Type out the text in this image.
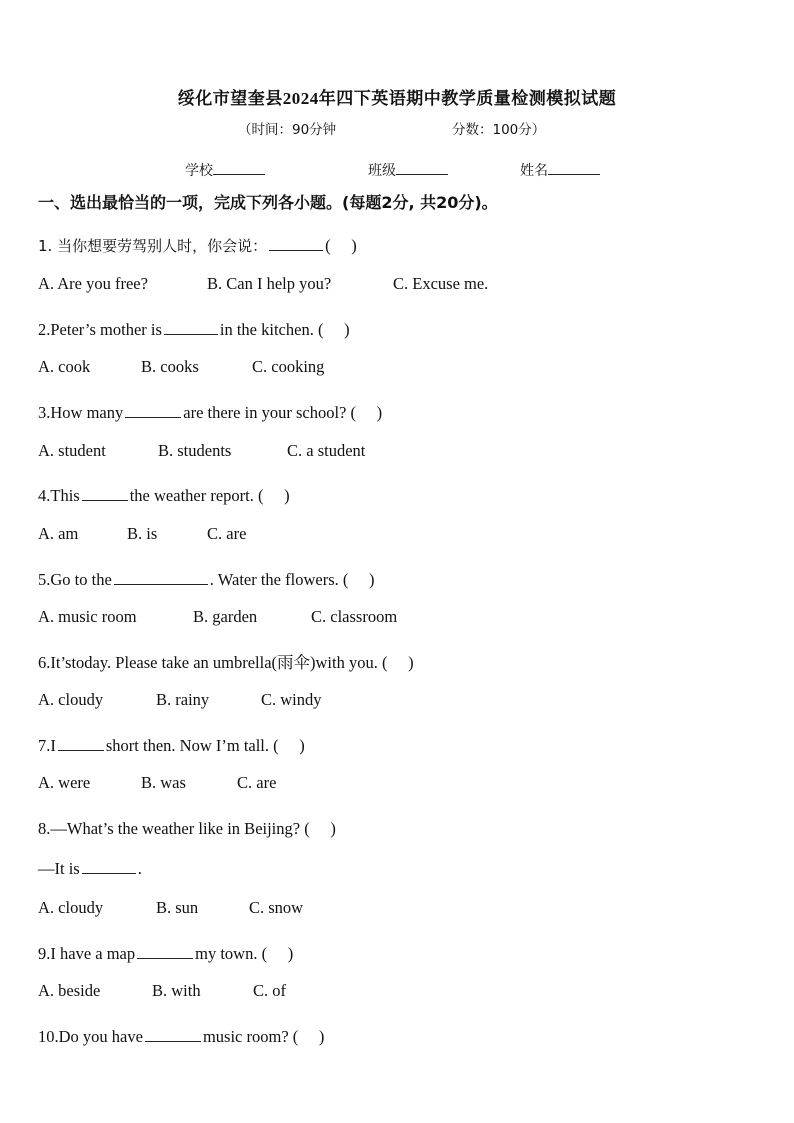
绥化市望奎县2024年四下英语期中教学质量检测模拟试题
（时间：90分钟	分数：100分）
学校	班级	姓名
一、选出最恰当的一项，完成下列各小题。(每题2分, 共20分)。
1. 当你想要劳驾别人时，你会说：	(　 )
A. Are you free?	B. Can I help you?	C. Excuse me.
2.Peter’s mother is	in the kitchen. (　 )
A. cook	B. cooks	C. cooking
3.How many	are there in your school? (　 )
A. student	B. students	C. a student
4.This	the weather report. (　 )
A. am	B. is	C. are
5.Go to the	. Water the flowers. (　 )
A. music room	B. garden	C. classroom
6.It’stoday. Please take an umbrella(雨伞)with you. (　 )
A. cloudy	B. rainy	C. windy
7.I	short then. Now I’m tall. (　 )
A. were	B. was	C. are
8.—What’s the weather like in Beijing? (　 )
—It is	.
A. cloudy	B. sun	C. snow
9.I have a map	my town. (　 )
A. beside	B. with	C. of
10.Do you have	music room? (　 )
